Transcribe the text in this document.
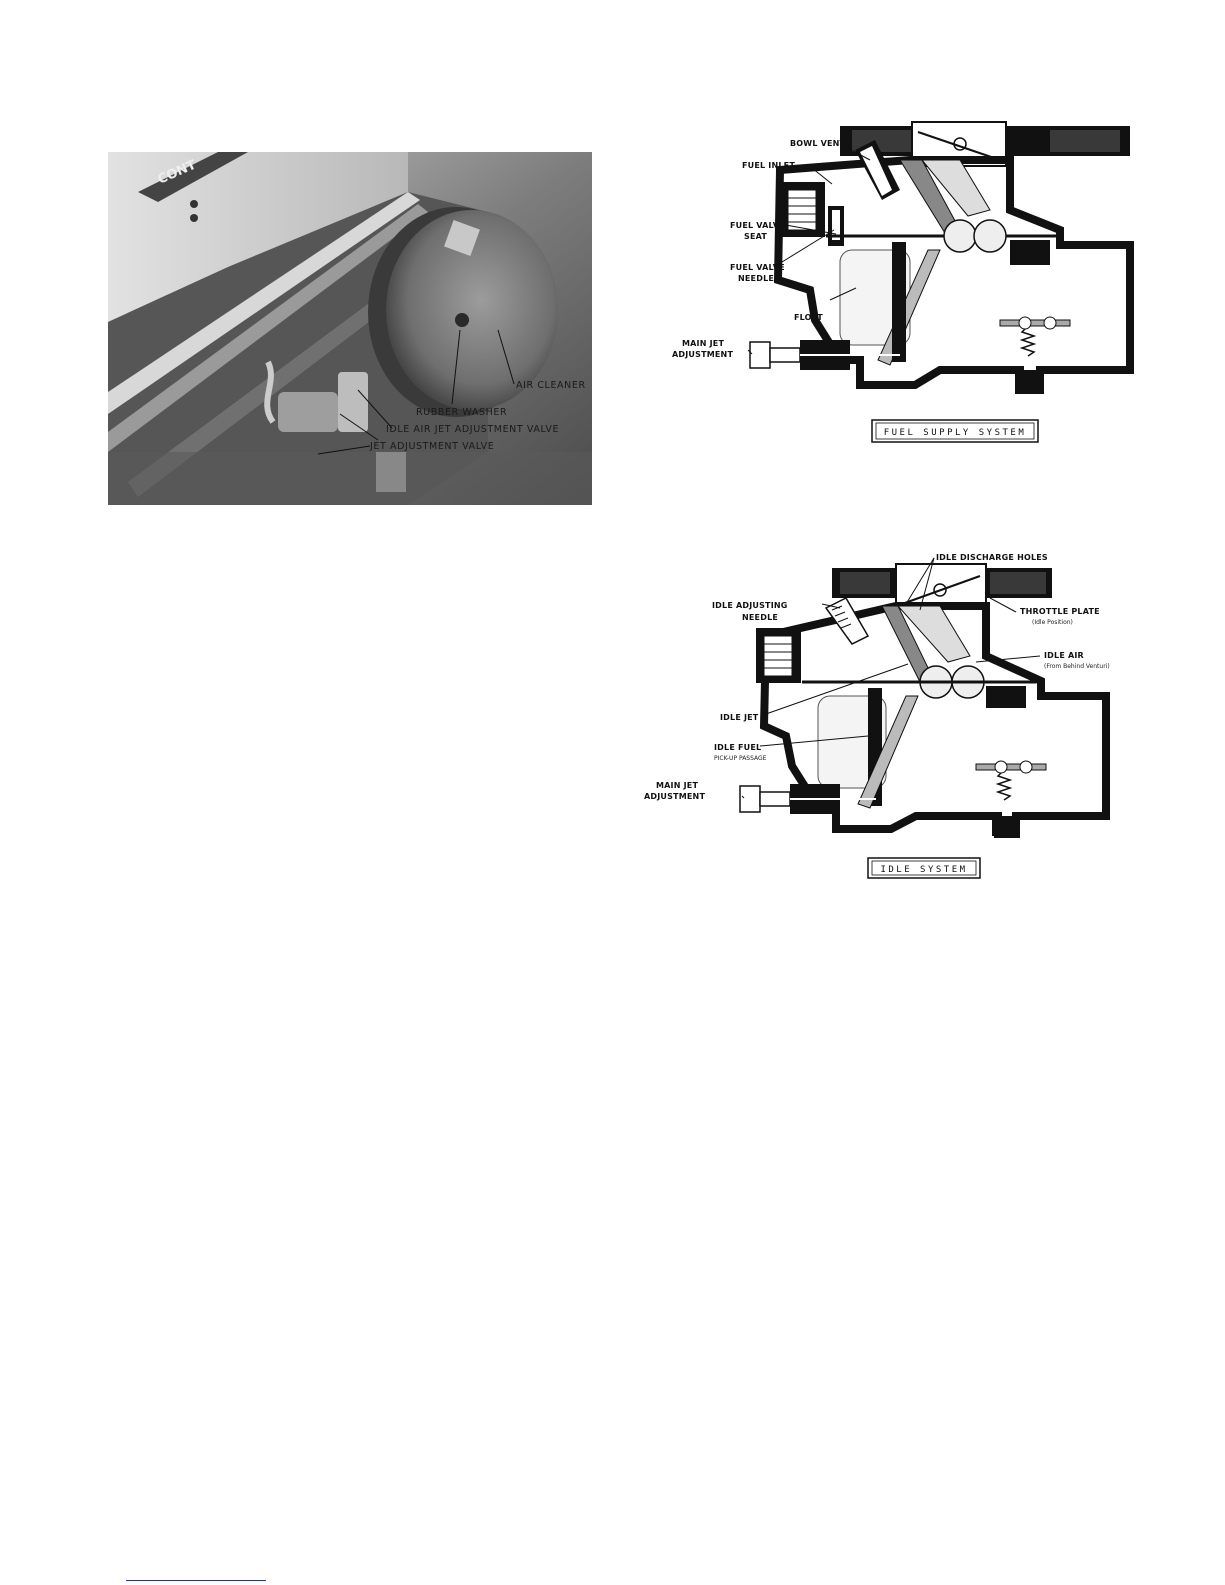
CONT
AIR CLEANER
RUBBER WASHER
IDLE AIR JET ADJUSTMENT VALVE
JET ADJUSTMENT VALVE
BOWL VENT
FUEL INLET
FUEL VALVE
SEAT
FUEL VALVE
NEEDLE
FLOAT
MAIN JET
ADJUSTMENT
FUEL SUPPLY SYSTEM
IDLE DISCHARGE HOLES
IDLE ADJUSTING
NEEDLE
THROTTLE PLATE
(Idle Position)
IDLE AIR
(From Behind Venturi)
IDLE JET
IDLE FUEL
PICK-UP PASSAGE
MAIN JET
ADJUSTMENT
IDLE SYSTEM
